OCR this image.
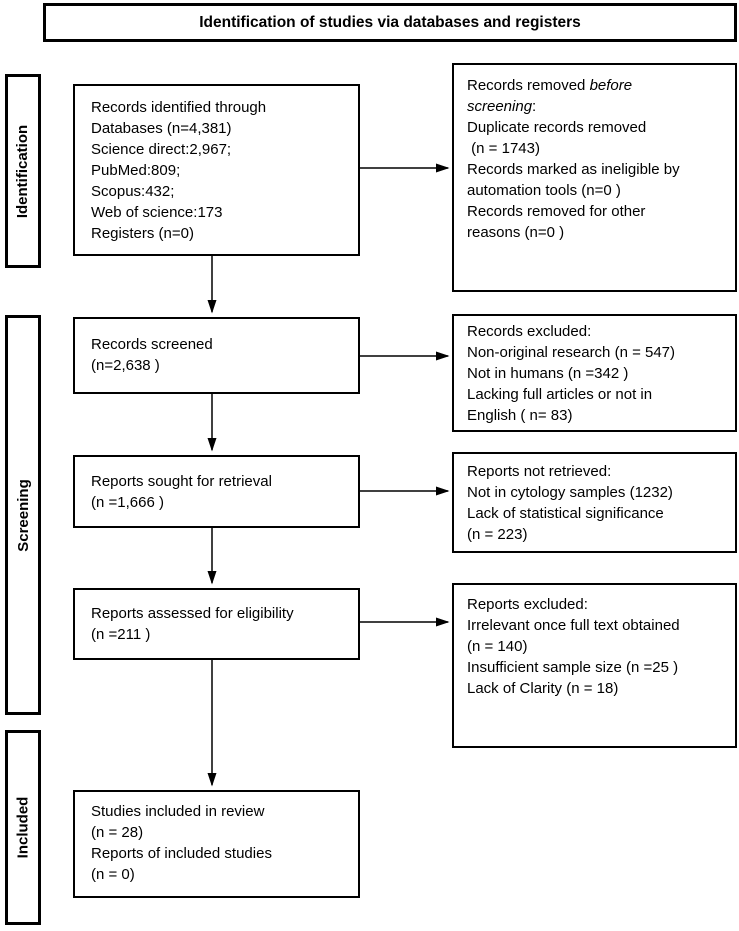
Identification of studies via databases and registers
Identification
Screening
Included
Records identified through
Databases (n=4,381)
Science direct:2,967;
PubMed:809;
Scopus:432;
Web of science:173
Registers (n=0)
Records screened
(n=2,638 )
Reports sought for retrieval
(n =1,666 )
Reports assessed for eligibility
(n =211 )
Studies included in review
(n = 28)
Reports of included studies
(n = 0)
Records removed before
screening:
Duplicate records removed
(n = 1743)
Records marked as ineligible by
automation tools (n=0 )
Records removed for other
reasons (n=0 )
Records excluded:
Non-original research (n = 547)
Not in humans (n =342 )
Lacking full articles or not in
English ( n= 83)
Reports not retrieved:
Not in cytology samples (1232)
Lack of statistical significance
(n = 223)
Reports excluded:
Irrelevant once full text obtained
(n = 140)
Insufficient sample size (n =25 )
Lack of Clarity (n = 18)
